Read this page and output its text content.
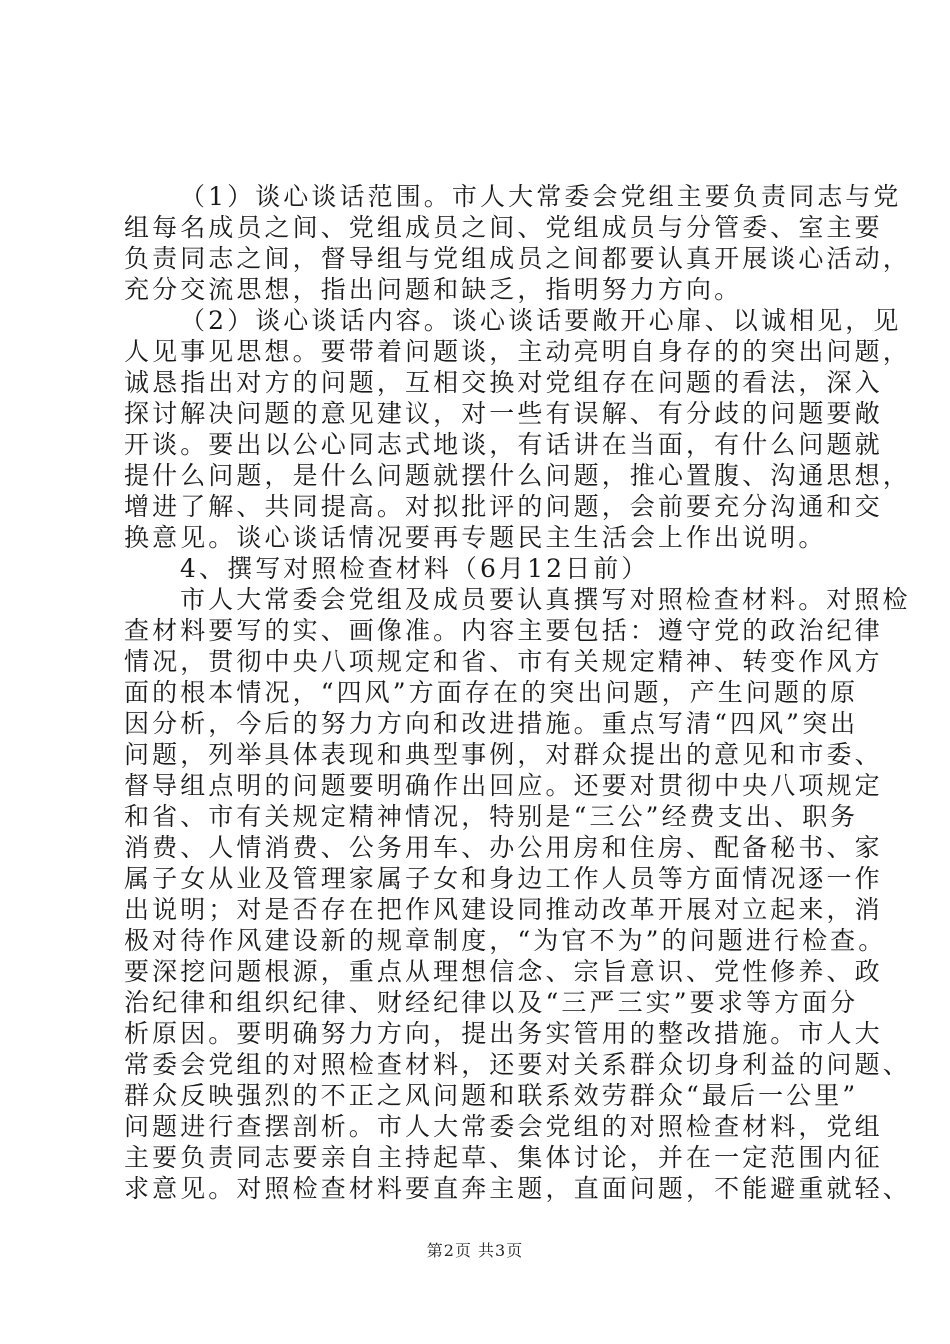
（1）谈心谈话范围。市人大常委会党组主要负责同志与党
组每名成员之间、党组成员之间、党组成员与分管委、室主要
负责同志之间，督导组与党组成员之间都要认真开展谈心活动，
充分交流思想，指出问题和缺乏，指明努力方向。
（2）谈心谈话内容。谈心谈话要敞开心扉、以诚相见，见
人见事见思想。要带着问题谈，主动亮明自身存的的突出问题，
诚恳指出对方的问题，互相交换对党组存在问题的看法，深入
探讨解决问题的意见建议，对一些有误解、有分歧的问题要敞
开谈。要出以公心同志式地谈，有话讲在当面，有什么问题就
提什么问题，是什么问题就摆什么问题，推心置腹、沟通思想，
增进了解、共同提高。对拟批评的问题，会前要充分沟通和交
换意见。谈心谈话情况要再专题民主生活会上作出说明。
4、撰写对照检查材料（6月12日前）
市人大常委会党组及成员要认真撰写对照检查材料。对照检
查材料要写的实、画像准。内容主要包括：遵守党的政治纪律
情况，贯彻中央八项规定和省、市有关规定精神、转变作风方
面的根本情况，“四风”方面存在的突出问题，产生问题的原
因分析，今后的努力方向和改进措施。重点写清“四风”突出
问题，列举具体表现和典型事例，对群众提出的意见和市委、
督导组点明的问题要明确作出回应。还要对贯彻中央八项规定
和省、市有关规定精神情况，特别是“三公”经费支出、职务
消费、人情消费、公务用车、办公用房和住房、配备秘书、家
属子女从业及管理家属子女和身边工作人员等方面情况逐一作
出说明；对是否存在把作风建设同推动改革开展对立起来，消
极对待作风建设新的规章制度，“为官不为”的问题进行检查。
要深挖问题根源，重点从理想信念、宗旨意识、党性修养、政
治纪律和组织纪律、财经纪律以及“三严三实”要求等方面分
析原因。要明确努力方向，提出务实管用的整改措施。市人大
常委会党组的对照检查材料，还要对关系群众切身利益的问题、
群众反映强烈的不正之风问题和联系效劳群众“最后一公里”
问题进行查摆剖析。市人大常委会党组的对照检查材料，党组
主要负责同志要亲自主持起草、集体讨论，并在一定范围内征
求意见。对照检查材料要直奔主题，直面问题，不能避重就轻、
第2页 共3页
